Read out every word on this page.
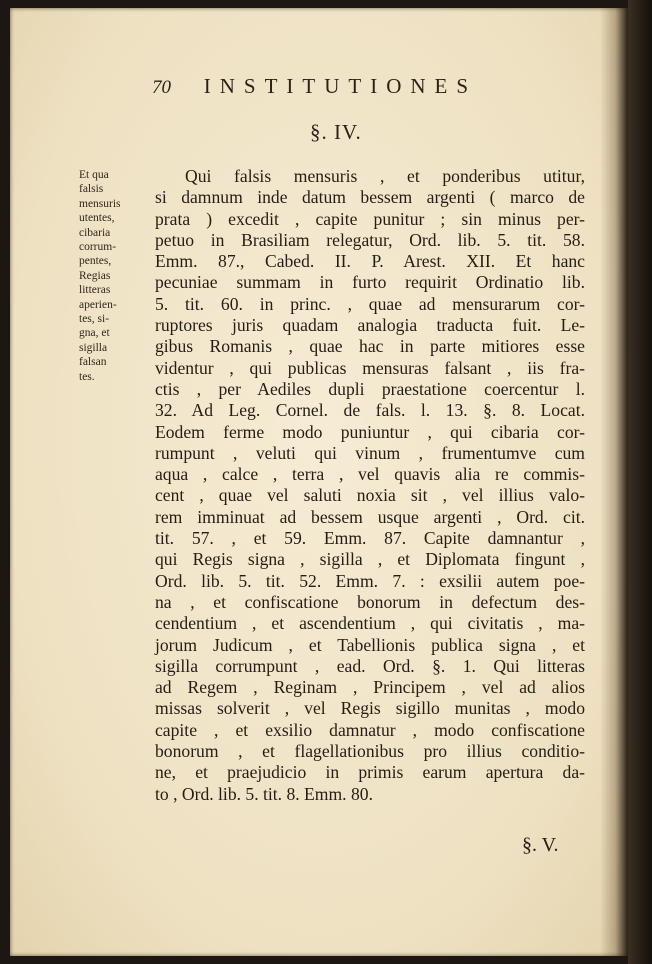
70 INSTITUTIONES
§. IV.
Et qua
falsis
mensuris
utentes,
cibaria
corrum-
pentes,
Regias
litteras
aperien-
tes, si-
gna, et
sigilla
falsan
tes.
Qui falsis mensuris , et ponderibus utitur,
si damnum inde datum bessem argenti ( marco de
prata ) excedit , capite punitur ; sin minus per-
petuo in Brasiliam relegatur, Ord. lib. 5. tit. 58.
Emm. 87., Cabed. II. P. Arest. XII. Et hanc
pecuniae summam in furto requirit Ordinatio lib.
5. tit. 60. in princ. , quae ad mensurarum cor-
ruptores juris quadam analogia traducta fuit. Le-
gibus Romanis , quae hac in parte mitiores esse
videntur , qui publicas mensuras falsant , iis fra-
ctis , per Aediles dupli praestatione coercentur l.
32. Ad Leg. Cornel. de fals. l. 13. §. 8. Locat.
Eodem ferme modo puniuntur , qui cibaria cor-
rumpunt , veluti qui vinum , frumentumve cum
aqua , calce , terra , vel quavis alia re commis-
cent , quae vel saluti noxia sit , vel illius valo-
rem imminuat ad bessem usque argenti , Ord. cit.
tit. 57. , et 59. Emm. 87. Capite damnantur ,
qui Regis signa , sigilla , et Diplomata fingunt ,
Ord. lib. 5. tit. 52. Emm. 7. : exsilii autem poe-
na , et confiscatione bonorum in defectum des-
cendentium , et ascendentium , qui civitatis , ma-
jorum Judicum , et Tabellionis publica signa , et
sigilla corrumpunt , ead. Ord. §. 1. Qui litteras
ad Regem , Reginam , Principem , vel ad alios
missas solverit , vel Regis sigillo munitas , modo
capite , et exsilio damnatur , modo confiscatione
bonorum , et flagellationibus pro illius conditio-
ne, et praejudicio in primis earum apertura da-
to , Ord. lib. 5. tit. 8. Emm. 80.
§. V.
